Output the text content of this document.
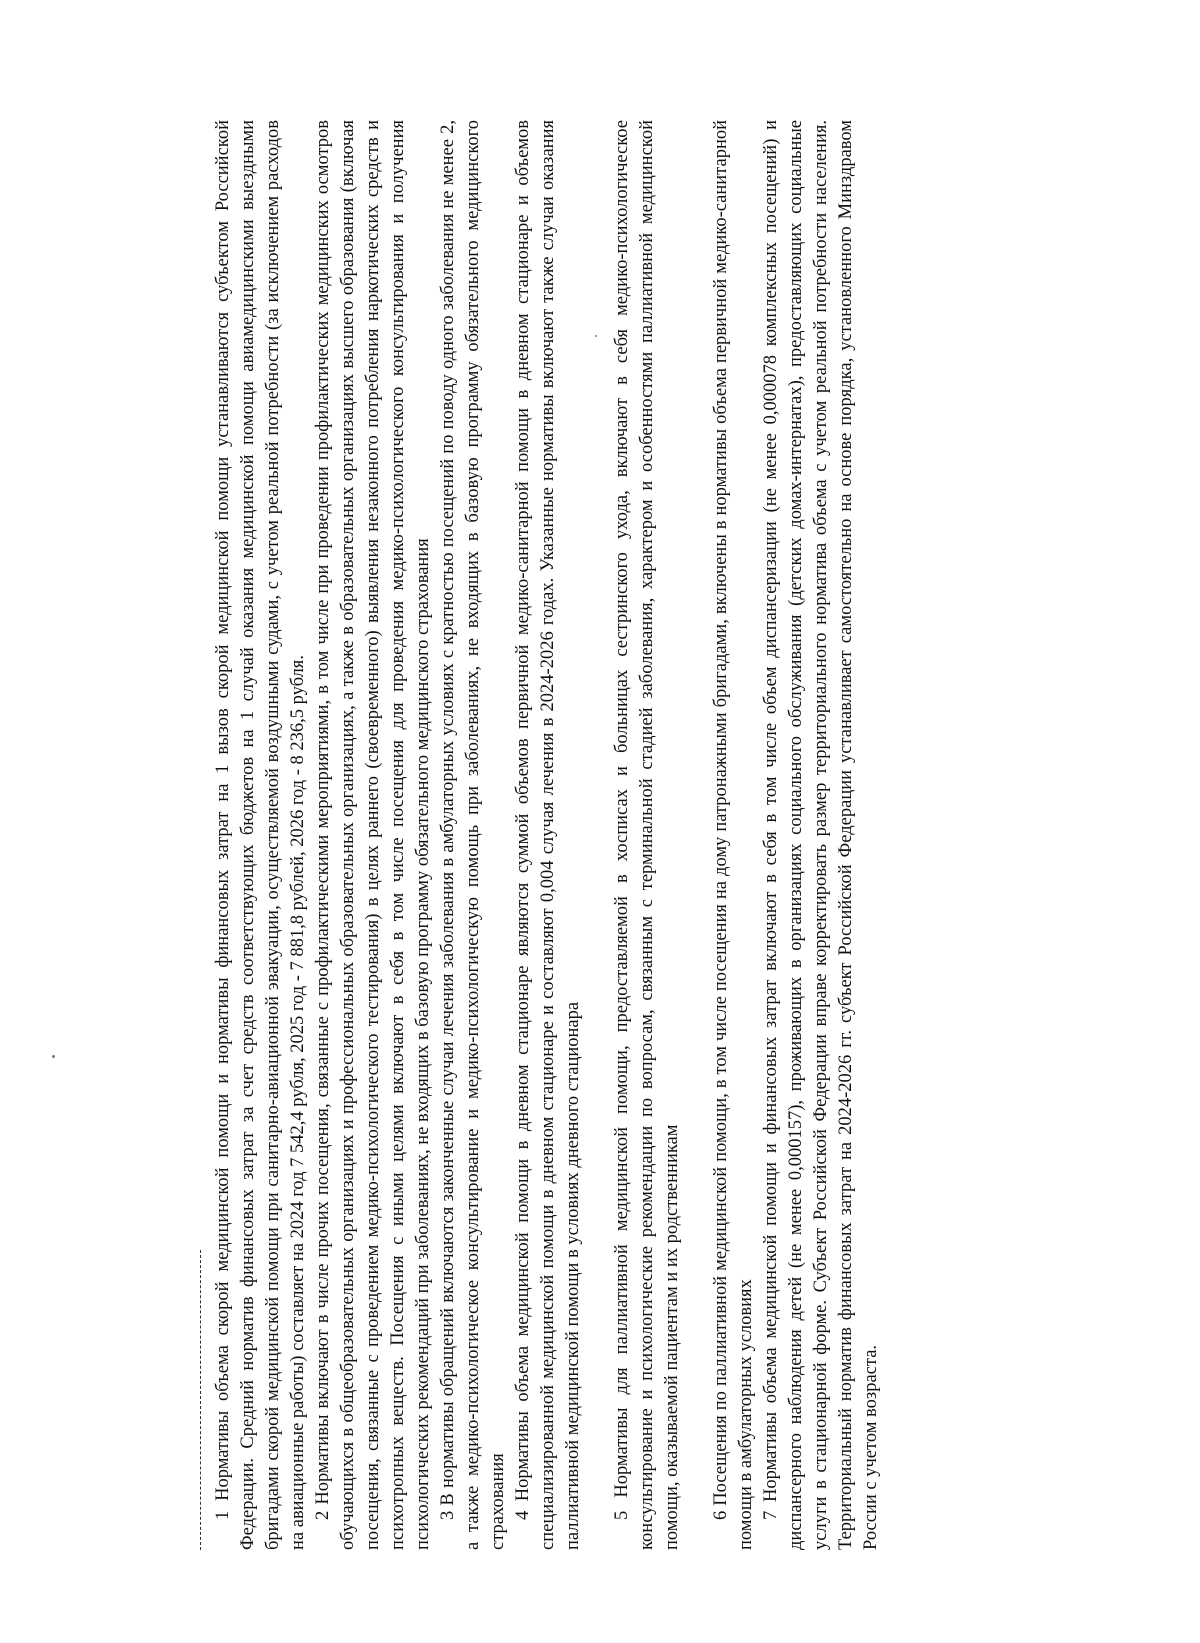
1 Нормативы объема скорой медицинской помощи и нормативы финансовых затрат на 1 вызов скорой медицинской помощи устанавливаются субъектом Российской Федерации. Средний норматив финансовых затрат за счет средств соответствующих бюджетов на 1 случай оказания медицинской помощи авиамедицинскими выездными бригадами скорой медицинской помощи при санитарно-авиационной эвакуации, осуществляемой воздушными судами, с учетом реальной потребности (за исключением расходов на авиационные работы) составляет на 2024 год 7 542,4 рубля, 2025 год - 7 881,8 рублей, 2026 год - 8 236,5 рубля. 2 Нормативы включают в числе прочих посещения, связанные с профилактическими мероприятиями, в том числе при проведении профилактических медицинских осмотров обучающихся в общеобразовательных организациях и профессиональных образовательных организациях, а также в образовательных организациях высшего образования (включая посещения, связанные с проведением медико-психологического тестирования) в целях раннего (своевременного) выявления незаконного потребления наркотических средств и психотропных веществ. Посещения с иными целями включают в себя в том числе посещения для проведения медико-психологического консультирования и получения психологических рекомендаций при заболеваниях, не входящих в базовую программу обязательного медицинского страхования 3 В нормативы обращений включаются законченные случаи лечения заболевания в амбулаторных условиях с кратностью посещений по поводу одного заболевания не менее 2, а также медико-психологическое консультирование и медико-психологическую помощь при заболеваниях, не входящих в базовую программу обязательного медицинского страхования 4 Нормативы объема медицинской помощи в дневном стационаре являются суммой объемов первичной медико-санитарной помощи в дневном стационаре и объемов специализированной медицинской помощи в дневном стационаре и составляют 0,004 случая лечения в 2024-2026 годах. Указанные нормативы включают также случаи оказания паллиативной медицинской помощи в условиях дневного стационара 5 Нормативы для паллиативной медицинской помощи, предоставляемой в хосписах и больницах сестринского ухода, включают в себя медико-психологическое консультирование и психологические рекомендации по вопросам, связанным с терминальной стадией заболевания, характером и особенностями паллиативной медицинской помощи, оказываемой пациентам и их родственникам 6 Посещения по паллиативной медицинской помощи, в том числе посещения на дому патронажными бригадами, включены в нормативы объема первичной медико-санитарной помощи в амбулаторных условиях 7 Нормативы объема медицинской помощи и финансовых затрат включают в себя в том числе объем диспансеризации (не менее 0,000078 комплексных посещений) и диспансерного наблюдения детей (не менее 0,000157), проживающих в организациях социального обслуживания (детских домах-интернатах), предоставляющих социальные услуги в стационарной форме. Субъект Российской Федерации вправе корректировать размер территориального норматива объема с учетом реальной потребности населения. Территориальный норматив финансовых затрат на 2024-2026 гг. субъект Российской Федерации устанавливает самостоятельно на основе порядка, установленного Минздравом России с учетом возраста.
